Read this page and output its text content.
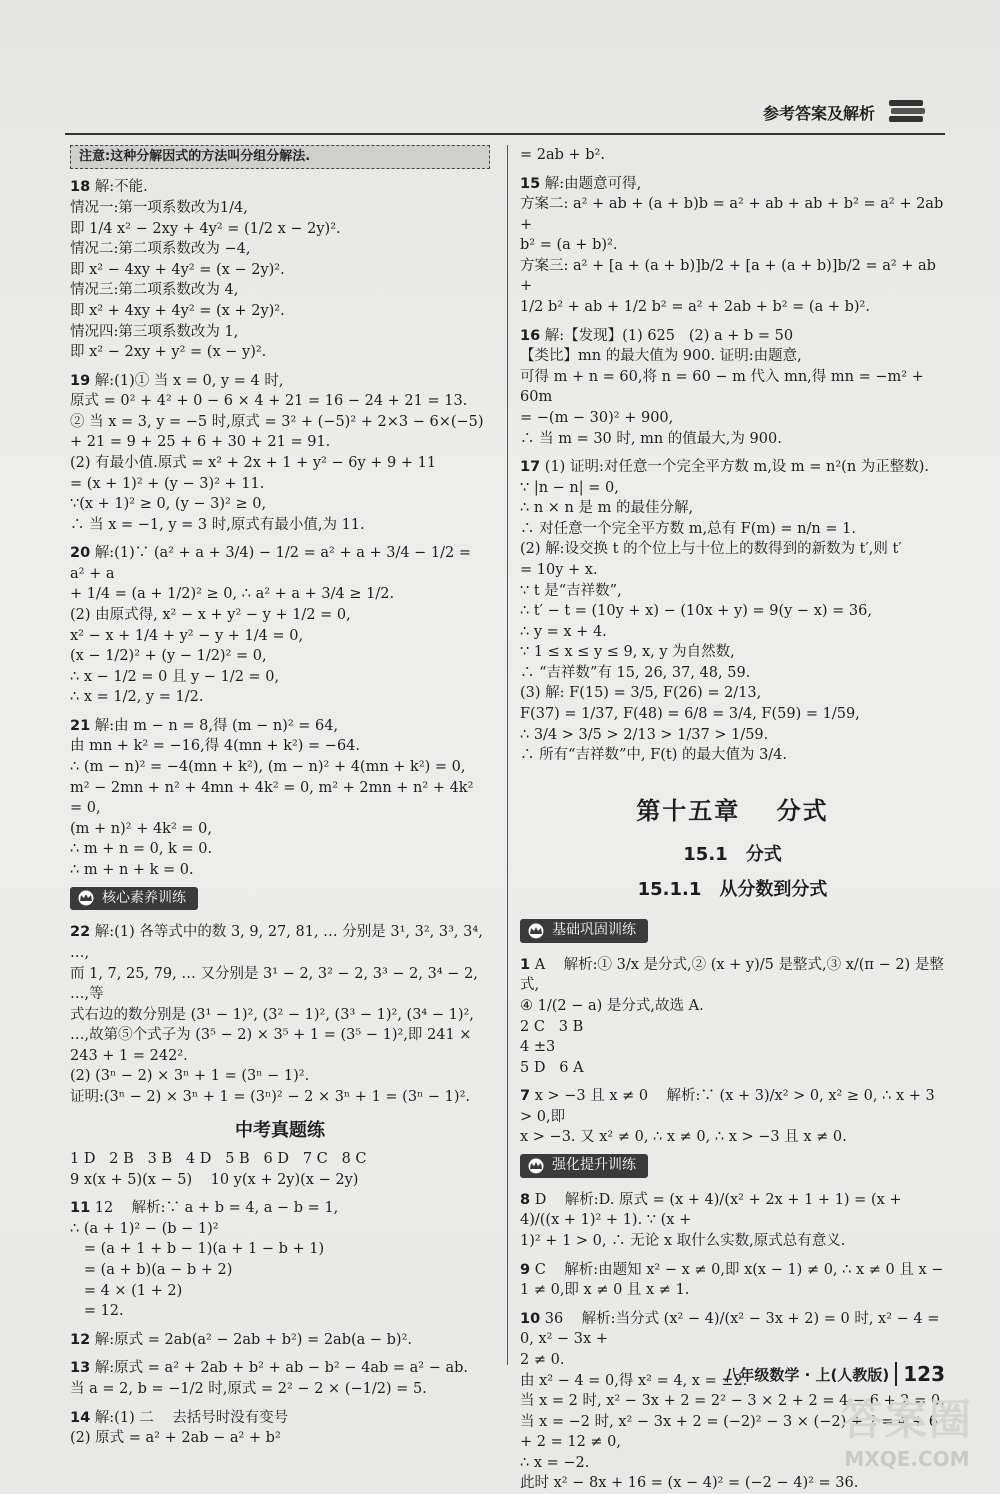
参考答案及解析
注意:这种分解因式的方法叫分组分解法.
18 解:不能.
情况一:第一项系数改为1/4,
即 1/4 x² − 2xy + 4y² = (1/2 x − 2y)².
情况二:第二项系数改为 −4,
即 x² − 4xy + 4y² = (x − 2y)².
情况三:第二项系数改为 4,
即 x² + 4xy + 4y² = (x + 2y)².
情况四:第三项系数改为 1,
即 x² − 2xy + y² = (x − y)².
19 解:(1)① 当 x = 0, y = 4 时,
原式 = 0² + 4² + 0 − 6 × 4 + 21 = 16 − 24 + 21 = 13.
② 当 x = 3, y = −5 时,原式 = 3² + (−5)² + 2×3 − 6×(−5)
+ 21 = 9 + 25 + 6 + 30 + 21 = 91.
(2) 有最小值.原式 = x² + 2x + 1 + y² − 6y + 9 + 11
= (x + 1)² + (y − 3)² + 11.
∵(x + 1)² ≥ 0, (y − 3)² ≥ 0,
∴ 当 x = −1, y = 3 时,原式有最小值,为 11.
20 解:(1)∵ (a² + a + 3/4) − 1/2 = a² + a + 3/4 − 1/2 = a² + a
+ 1/4 = (a + 1/2)² ≥ 0, ∴ a² + a + 3/4 ≥ 1/2.
(2) 由原式得, x² − x + y² − y + 1/2 = 0,
x² − x + 1/4 + y² − y + 1/4 = 0,
(x − 1/2)² + (y − 1/2)² = 0,
∴ x − 1/2 = 0 且 y − 1/2 = 0,
∴ x = 1/2, y = 1/2.
21 解:由 m − n = 8,得 (m − n)² = 64,
由 mn + k² = −16,得 4(mn + k²) = −64.
∴ (m − n)² = −4(mn + k²), (m − n)² + 4(mn + k²) = 0,
m² − 2mn + n² + 4mn + 4k² = 0, m² + 2mn + n² + 4k² = 0,
(m + n)² + 4k² = 0,
∴ m + n = 0, k = 0.
∴ m + n + k = 0.
核心素养训练
22 解:(1) 各等式中的数 3, 9, 27, 81, … 分别是 3¹, 3², 3³, 3⁴, …,
而 1, 7, 25, 79, … 又分别是 3¹ − 2, 3² − 2, 3³ − 2, 3⁴ − 2, …,等
式右边的数分别是 (3¹ − 1)², (3² − 1)², (3³ − 1)², (3⁴ − 1)²,
…,故第⑤个式子为 (3⁵ − 2) × 3⁵ + 1 = (3⁵ − 1)²,即 241 ×
243 + 1 = 242².
(2) (3ⁿ − 2) × 3ⁿ + 1 = (3ⁿ − 1)².
证明:(3ⁿ − 2) × 3ⁿ + 1 = (3ⁿ)² − 2 × 3ⁿ + 1 = (3ⁿ − 1)².
中考真题练
1 D   2 B   3 B   4 D   5 B   6 D   7 C   8 C
9 x(x + 5)(x − 5)    10 y(x + 2y)(x − 2y)
11 12    解析:∵ a + b = 4, a − b = 1,
∴ (a + 1)² − (b − 1)²
= (a + 1 + b − 1)(a + 1 − b + 1)
= (a + b)(a − b + 2)
= 4 × (1 + 2)
= 12.
12 解:原式 = 2ab(a² − 2ab + b²) = 2ab(a − b)².
13 解:原式 = a² + 2ab + b² + ab − b² − 4ab = a² − ab.
当 a = 2, b = −1/2 时,原式 = 2² − 2 × (−1/2) = 5.
14 解:(1) 二    去括号时没有变号
(2) 原式 = a² + 2ab − a² + b²
= 2ab + b².
15 解:由题意可得,
方案二: a² + ab + (a + b)b = a² + ab + ab + b² = a² + 2ab +
b² = (a + b)².
方案三: a² + [a + (a + b)]b/2 + [a + (a + b)]b/2 = a² + ab +
1/2 b² + ab + 1/2 b² = a² + 2ab + b² = (a + b)².
16 解:【发现】(1) 625   (2) a + b = 50
【类比】mn 的最大值为 900. 证明:由题意,
可得 m + n = 60,将 n = 60 − m 代入 mn,得 mn = −m² + 60m
= −(m − 30)² + 900,
∴ 当 m = 30 时, mn 的值最大,为 900.
17 (1) 证明:对任意一个完全平方数 m,设 m = n²(n 为正整数).
∵ |n − n| = 0,
∴ n × n 是 m 的最佳分解,
∴ 对任意一个完全平方数 m,总有 F(m) = n/n = 1.
(2) 解:设交换 t 的个位上与十位上的数得到的新数为 t′,则 t′
= 10y + x.
∵ t 是“吉祥数”,
∴ t′ − t = (10y + x) − (10x + y) = 9(y − x) = 36,
∴ y = x + 4.
∵ 1 ≤ x ≤ y ≤ 9, x, y 为自然数,
∴ “吉祥数”有 15, 26, 37, 48, 59.
(3) 解: F(15) = 3/5, F(26) = 2/13,
F(37) = 1/37, F(48) = 6/8 = 3/4, F(59) = 1/59,
∴ 3/4 > 3/5 > 2/13 > 1/37 > 1/59.
∴ 所有“吉祥数”中, F(t) 的最大值为 3/4.
第十五章　 分式
15.1　分式
15.1.1　从分数到分式
基础巩固训练
1 A    解析:① 3/x 是分式,② (x + y)/5 是整式,③ x/(π − 2) 是整式,
④ 1/(2 − a) 是分式,故选 A.
2 C   3 B
4 ±3
5 D   6 A
7 x > −3 且 x ≠ 0    解析:∵ (x + 3)/x² > 0, x² ≥ 0, ∴ x + 3 > 0,即
x > −3. 又 x² ≠ 0, ∴ x ≠ 0, ∴ x > −3 且 x ≠ 0.
强化提升训练
8 D    解析:D. 原式 = (x + 4)/(x² + 2x + 1 + 1) = (x + 4)/((x + 1)² + 1). ∵ (x +
1)² + 1 > 0, ∴ 无论 x 取什么实数,原式总有意义.
9 C    解析:由题知 x² − x ≠ 0,即 x(x − 1) ≠ 0, ∴ x ≠ 0 且 x −
1 ≠ 0,即 x ≠ 0 且 x ≠ 1.
10 36    解析:当分式 (x² − 4)/(x² − 3x + 2) = 0 时, x² − 4 = 0, x² − 3x +
2 ≠ 0.
由 x² − 4 = 0,得 x² = 4, x = ±2.
当 x = 2 时, x² − 3x + 2 = 2² − 3 × 2 + 2 = 4 − 6 + 2 = 0,
当 x = −2 时, x² − 3x + 2 = (−2)² − 3 × (−2) + 2 = 4 + 6
+ 2 = 12 ≠ 0,
∴ x = −2.
此时 x² − 8x + 16 = (x − 4)² = (−2 − 4)² = 36.
八年级数学 · 上(人教版) 123
答案圈
MXQE.COM
